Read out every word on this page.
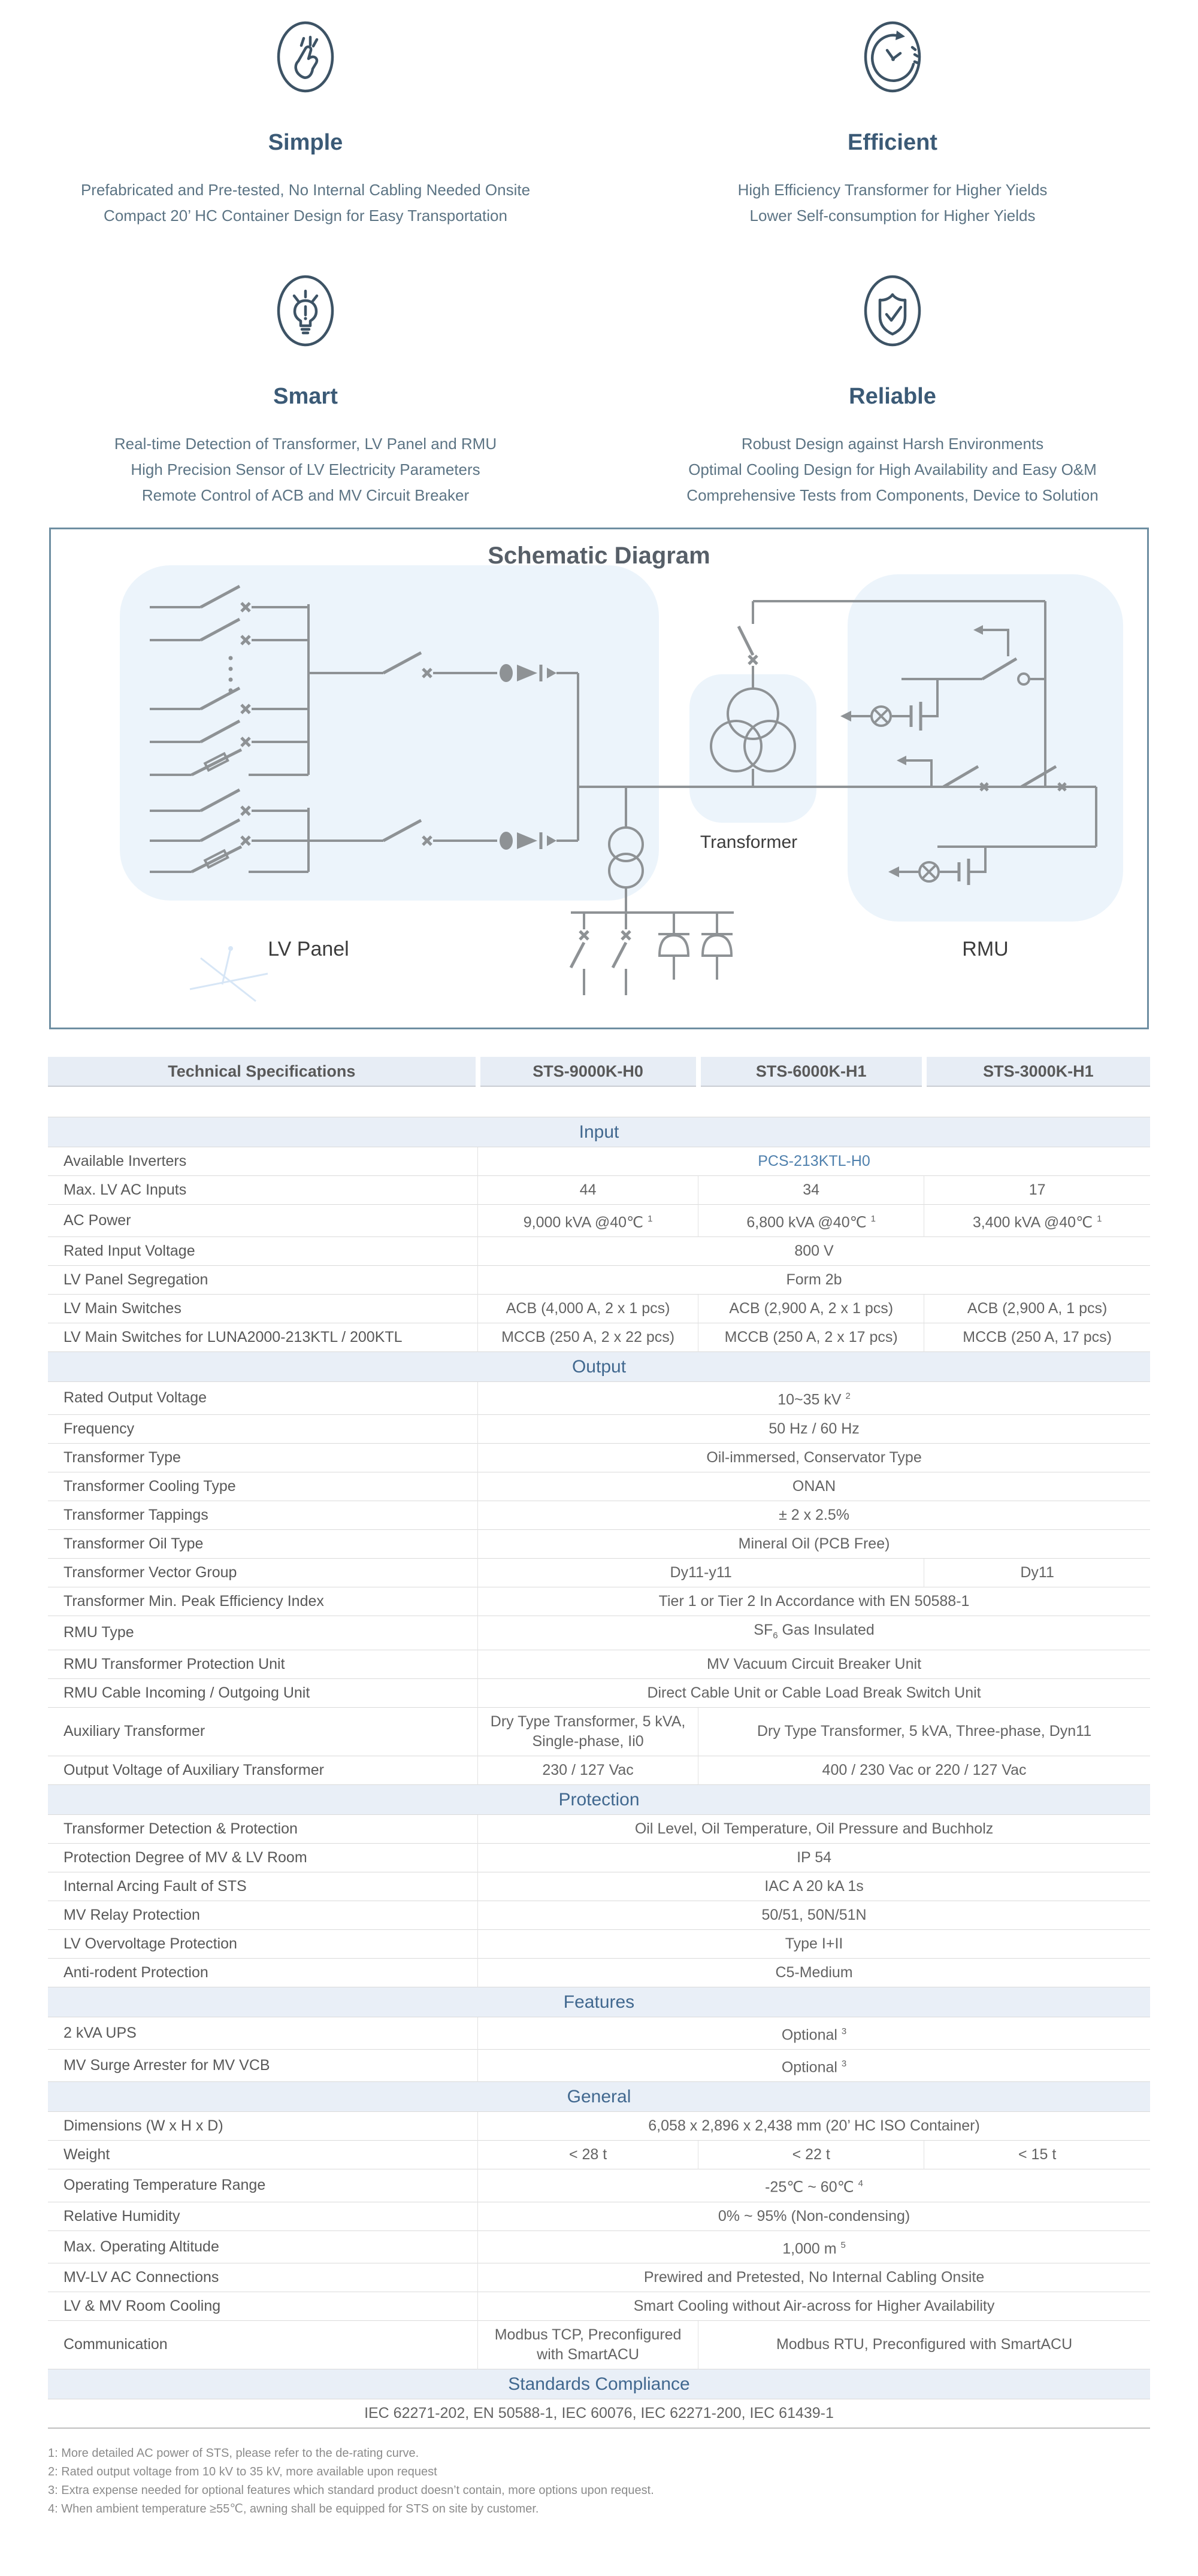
Simple
Prefabricated and Pre-tested, No Internal Cabling Needed Onsite
Compact 20’ HC Container Design for Easy Transportation
Efficient
High Efficiency Transformer for Higher Yields
Lower Self-consumption for Higher Yields
Smart
Real-time Detection of Transformer, LV Panel and RMU
High Precision Sensor of LV Electricity Parameters
Remote Control of ACB and MV Circuit Breaker
Reliable
Robust Design against Harsh Environments
Optimal Cooling Design for High Availability and Easy O&M
Comprehensive Tests from Components, Device to Solution
Schematic Diagram
LV Panel
Transformer
RMU
Technical Specifications	STS-9000K-H0	STS-6000K-H1	STS-3000K-H1
Input			
Available Inverters	PCS-213KTL-H0		
Max. LV AC Inputs	44	34	17
AC Power	9,000 kVA @40℃ $^1$	6,800 kVA @40℃ $^1$	3,400 kVA @40℃ $^1$
Rated Input Voltage	800 V		
LV Panel Segregation	Form 2b		
LV Main Switches	ACB (4,000 A, 2 x 1 pcs)	ACB (2,900 A, 2 x 1 pcs)	ACB (2,900 A, 1 pcs)
LV Main Switches for LUNA2000-213KTL / 200KTL	MCCB (250 A, 2 x 22 pcs)	MCCB (250 A, 2 x 17 pcs)	MCCB (250 A, 17 pcs)
Output			
Rated Output Voltage	10~35 kV $^2$
Frequency	50 Hz / 60 Hz		
Transformer Type	Oil-immersed, Conservator Type		
Transformer Cooling Type	ONAN		
Transformer Tappings	± 2 x 2.5%		
Transformer Oil Type	Mineral Oil (PCB Free)		
Transformer Vector Group	Dy11-y11		Dy11
Transformer Min. Peak Efficiency Index	Tier 1 or Tier 2 In Accordance with EN 50588-1		
RMU Type	$SF_6$ Gas Insulated		
RMU Transformer Protection Unit	MV Vacuum Circuit Breaker Unit		
RMU Cable Incoming / Outgoing Unit	Direct Cable Unit or Cable Load Break Switch Unit		
Auxiliary Transformer	Dry Type Transformer, 5 kVA, Single-phase, Ii0	Dry Type Transformer, 5 kVA, Three-phase, Dyn11	
Output Voltage of Auxiliary Transformer	230 / 127 Vac	400 / 230 Vac or 220 / 127 Vac	
Protection			
Transformer Detection & Protection	Oil Level, Oil Temperature, Oil Pressure and Buchholz		
Protection Degree of MV & LV Room	IP 54		
Internal Arcing Fault of STS	IAC A 20 kA 1s		
MV Relay Protection	50/51, 50N/51N		
LV Overvoltage Protection	Type I+II		
Anti-rodent Protection	C5-Medium		
Features			
2 kVA UPS	Optional $^3$
MV Surge Arrester for MV VCB	Optional $^3$
General			
Dimensions (W x H x D)	6,058 x 2,896 x 2,438 mm (20’ HC ISO Container)		
Weight	< 28 t	< 22 t	< 15 t
Operating Temperature Range	-25℃ ~ 60℃ $^4$
Relative Humidity	0% ~ 95% (Non-condensing)		
Max. Operating Altitude	1,000 m $^5$
MV-LV AC Connections	Prewired and Pretested, No Internal Cabling Onsite		
LV & MV Room Cooling	Smart Cooling without Air-across for Higher Availability		
Communication	Modbus TCP, Preconfigured with SmartACU	Modbus RTU, Preconfigured with SmartACU	
Standards Compliance			
IEC 62271-202, EN 50588-1, IEC 60076, IEC 62271-200, IEC 61439-1			
1: More detailed AC power of STS, please refer to the de-rating curve.
2: Rated output voltage from 10 kV to 35 kV, more available upon request
3: Extra expense needed for optional features which standard product doesn’t contain, more options upon request.
4: When ambient temperature ≥55℃, awning shall be equipped for STS on site by customer.
